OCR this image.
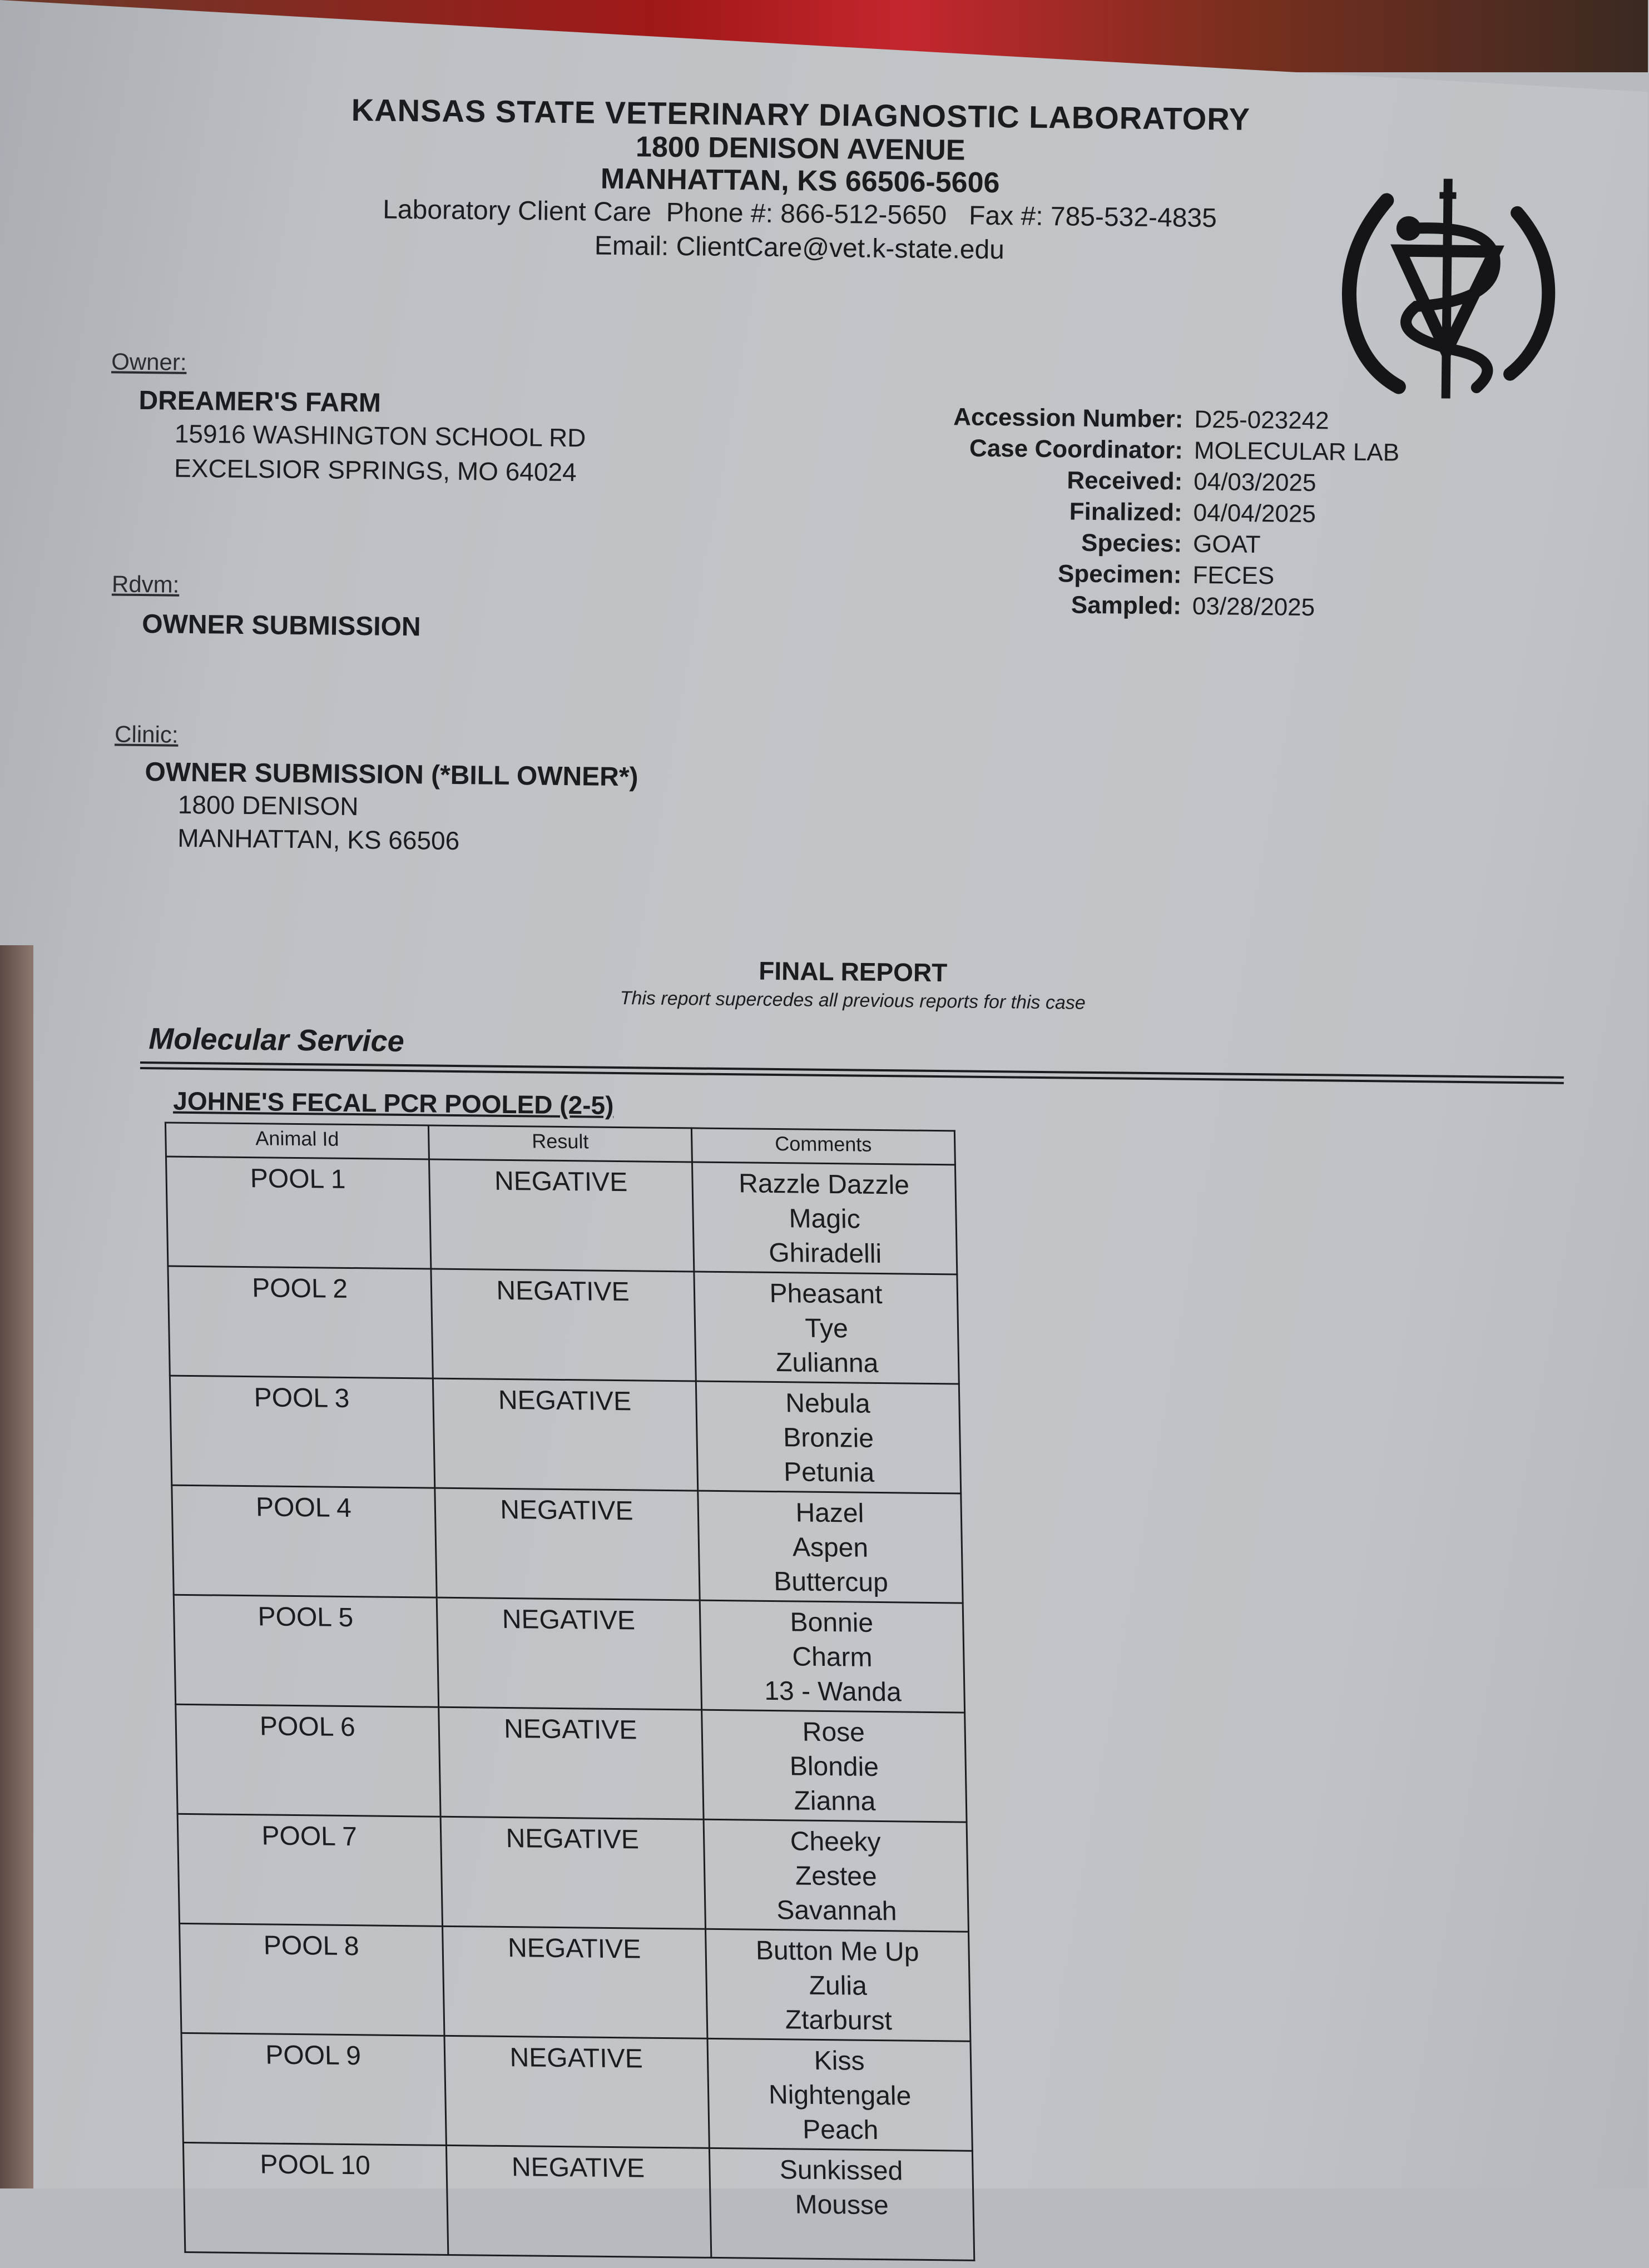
KANSAS STATE VETERINARY DIAGNOSTIC LABORATORY
1800 DENISON AVENUE
MANHATTAN, KS 66506-5606
Laboratory Client Care  Phone #: 866-512-5650   Fax #: 785-532-4835
Email: ClientCare@vet.k-state.edu
Owner:
DREAMER'S FARM
15916 WASHINGTON SCHOOL RD
EXCELSIOR SPRINGS, MO 64024
Rdvm:
OWNER SUBMISSION
Clinic:
OWNER SUBMISSION (*BILL OWNER*)
1800 DENISON
MANHATTAN, KS 66506
Accession Number:	D25-023242
Case Coordinator:	MOLECULAR LAB
Received:	04/03/2025
Finalized:	04/04/2025
Species:	GOAT
Specimen:	FECES
Sampled:	03/28/2025
FINAL REPORT
This report supercedes all previous reports for this case
Molecular Service
JOHNE'S FECAL PCR POOLED (2-5)
Animal Id	Result	Comments
POOL 1	NEGATIVE	Razzle Dazzle
Magic
Ghiradelli

POOL 2	NEGATIVE	Pheasant
Tye
Zulianna

POOL 3	NEGATIVE	Nebula
Bronzie
Petunia

POOL 4	NEGATIVE	Hazel
Aspen
Buttercup

POOL 5	NEGATIVE	Bonnie
Charm
13 - Wanda

POOL 6	NEGATIVE	Rose
Blondie
Zianna

POOL 7	NEGATIVE	Cheeky
Zestee
Savannah

POOL 8	NEGATIVE	Button Me Up
Zulia
Ztarburst

POOL 9	NEGATIVE	Kiss
Nightengale
Peach

POOL 10	NEGATIVE	Sunkissed
Mousse
